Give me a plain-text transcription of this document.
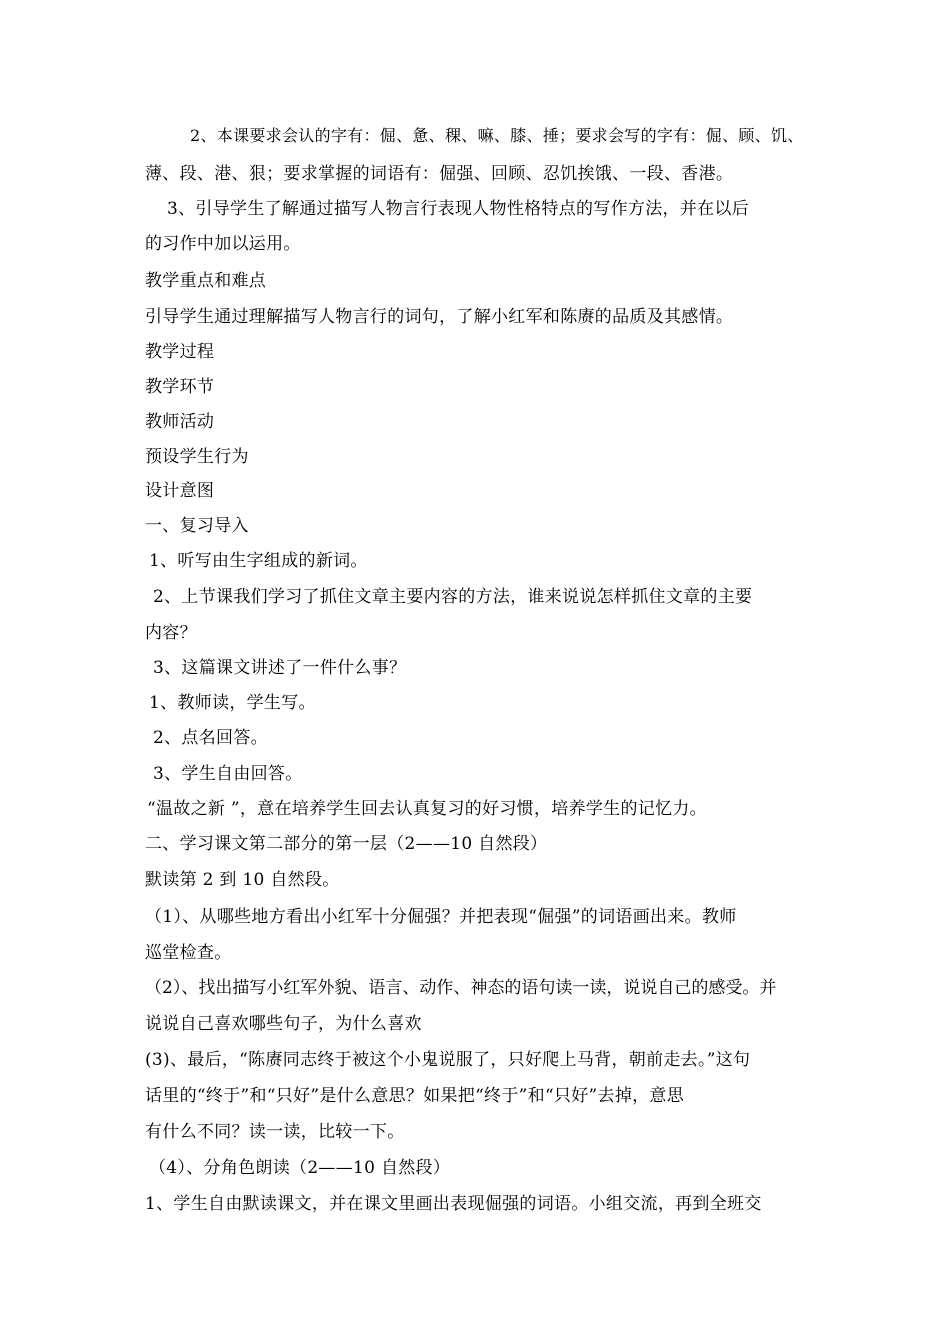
2、本课要求会认的字有：倔、惫、稞、嘛、膝、捶；要求会写的字有：倔、顾、饥、
薄、段、港、狠；要求掌握的词语有：倔强、回顾、忍饥挨饿、一段、香港。
3、引导学生了解通过描写人物言行表现人物性格特点的写作方法，并在以后
的习作中加以运用。
教学重点和难点
引导学生通过理解描写人物言行的词句，了解小红军和陈赓的品质及其感情。
教学过程
教学环节
教师活动
预设学生行为
设计意图
一、复习导入
1、听写由生字组成的新词。
2、上节课我们学习了抓住文章主要内容的方法，谁来说说怎样抓住文章的主要
内容？
3、这篇课文讲述了一件什么事？
1、教师读，学生写。
2、点名回答。
3、学生自由回答。
“温故之新 ”，意在培养学生回去认真复习的好习惯，培养学生的记忆力。
二、学习课文第二部分的第一层（2——10 自然段）
默读第 2 到 10 自然段。
（1）、从哪些地方看出小红军十分倔强？并把表现“倔强”的词语画出来。教师
巡堂检查。
（2）、找出描写小红军外貌、语言、动作、神态的语句读一读，说说自己的感受。并
说说自己喜欢哪些句子，为什么喜欢
(3)、最后，“陈赓同志终于被这个小鬼说服了，只好爬上马背，朝前走去。”这句
话里的“终于”和“只好”是什么意思？如果把“终于”和“只好”去掉，意思
有什么不同？读一读，比较一下。
（4）、分角色朗读（2——10 自然段）
1、学生自由默读课文，并在课文里画出表现倔强的词语。小组交流，再到全班交
